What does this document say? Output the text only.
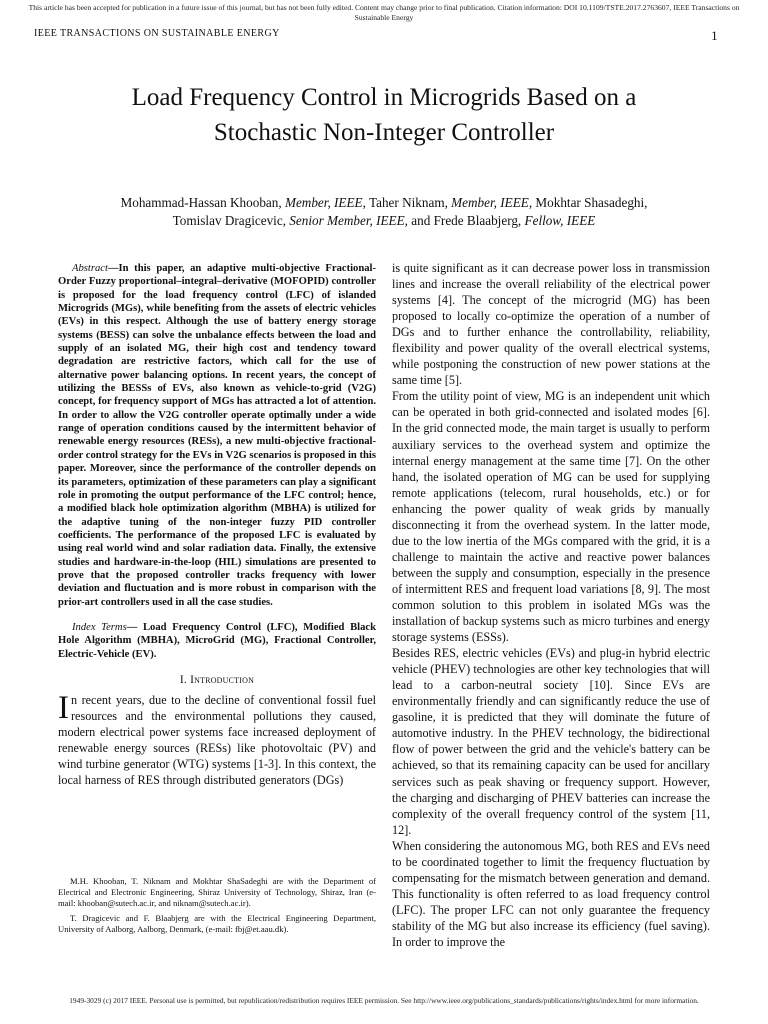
This article has been accepted for publication in a future issue of this journal, but has not been fully edited. Content may change prior to final publication. Citation information: DOI 10.1109/TSTE.2017.2763607, IEEE Transactions on Sustainable Energy
IEEE TRANSACTIONS ON SUSTAINABLE ENERGY	1
Load Frequency Control in Microgrids Based on a
Stochastic Non-Integer Controller
Mohammad-Hassan Khooban, Member, IEEE, Taher Niknam, Member, IEEE, Mokhtar Shasadeghi,
Tomislav Dragicevic, Senior Member, IEEE, and Frede Blaabjerg, Fellow, IEEE

Abstract—In this paper, an adaptive multi-objective Fractional-Order Fuzzy proportional–integral–derivative (MOFOPID) controller is proposed for the load frequency control (LFC) of islanded Microgrids (MGs), while benefiting from the assets of electric vehicles (EVs) in this respect. Although the use of battery energy storage systems (BESS) can solve the unbalance effects between the load and supply of an isolated MG, their high cost and tendency toward degradation are restrictive factors, which call for the use of alternative power balancing options. In recent years, the concept of utilizing the BESSs of EVs, also known as vehicle-to-grid (V2G) concept, for frequency support of MGs has attracted a lot of attention. In order to allow the V2G controller operate optimally under a wide range of operation conditions caused by the intermittent behavior of renewable energy resources (RESs), a new multi-objective fractional-order control strategy for the EVs in V2G scenarios is proposed in this paper. Moreover, since the performance of the controller depends on its parameters, optimization of these parameters can play a significant role in promoting the output performance of the LFC control; hence, a modified black hole optimization algorithm (MBHA) is utilized for the adaptive tuning of the non-integer fuzzy PID controller coefficients. The performance of the proposed LFC is evaluated by using real world wind and solar radiation data. Finally, the extensive studies and hardware-in-the-loop (HIL) simulations are presented to prove that the proposed controller tracks frequency with lower deviation and fluctuation and is more robust in comparison with the prior-art controllers used in all the case studies.

Index Terms— Load Frequency Control (LFC), Modified Black Hole Algorithm (MBHA), MicroGrid (MG), Fractional Controller, Electric-Vehicle (EV).

I. Introduction

In recent years, due to the decline of conventional fossil fuel resources and the environmental pollutions they caused, modern electrical power systems face increased deployment of renewable energy sources (RESs) like photovoltaic (PV) and wind turbine generator (WTG) systems [1-3]. In this context, the local harness of RES through distributed generators (DGs)

M.H. Khooban, T. Niknam and Mokhtar ShaSadeghi are with the Department of Electrical and Electronic Engineering, Shiraz University of Technology, Shiraz, Iran (e-mail: khooban@sutech.ac.ir, and niknam@sutech.ac.ir).

T. Dragicevic and F. Blaabjerg are with the Electrical Engineering Department, University of Aalborg, Aalborg, Denmark, (e-mail: fbj@et.aau.dk).

is quite significant as it can decrease power loss in transmission lines and increase the overall reliability of the electrical power systems [4]. The concept of the microgrid (MG) has been proposed to locally co-optimize the operation of a number of DGs and to further enhance the controllability, reliability, flexibility and power quality of the overall electrical systems, while postponing the construction of new power stations at the same time [5].

From the utility point of view, MG is an independent unit which can be operated in both grid-connected and isolated modes [6]. In the grid connected mode, the main target is usually to perform auxiliary services to the overhead system and optimize the internal energy management at the same time [7]. On the other hand, the isolated operation of MG can be used for supplying remote applications (telecom, rural households, etc.) or for enhancing the power quality of weak grids by manually disconnecting it from the overhead system. In the latter mode, due to the low inertia of the MGs compared with the grid, it is a challenge to maintain the active and reactive power balances between the supply and consumption, especially in the presence of intermittent RES and frequent load variations [8, 9]. The most common solution to this problem in isolated MGs was the installation of backup systems such as micro turbines and energy storage systems (ESSs).

Besides RES, electric vehicles (EVs) and plug-in hybrid electric vehicle (PHEV) technologies are other key technologies that will lead to a carbon-neutral society [10]. Since EVs are environmentally friendly and can significantly reduce the use of gasoline, it is predicted that they will dominate the future of automotive industry. In the PHEV technology, the bidirectional flow of power between the grid and the vehicle's battery can be achieved, so that its remaining capacity can be used for ancillary services such as peak shaving or frequency support. However, the charging and discharging of PHEV batteries can increase the complexity of the overall frequency control of the system [11, 12].

When considering the autonomous MG, both RES and EVs need to be coordinated together to limit the frequency fluctuation by compensating for the mismatch between generation and demand. This functionality is often referred to as load frequency control (LFC). The proper LFC can not only guarantee the frequency stability of the MG but also increase its efficiency (fuel saving). In order to improve the

1949-3029 (c) 2017 IEEE. Personal use is permitted, but republication/redistribution requires IEEE permission. See http://www.ieee.org/publications_standards/publications/rights/index.html for more information.
